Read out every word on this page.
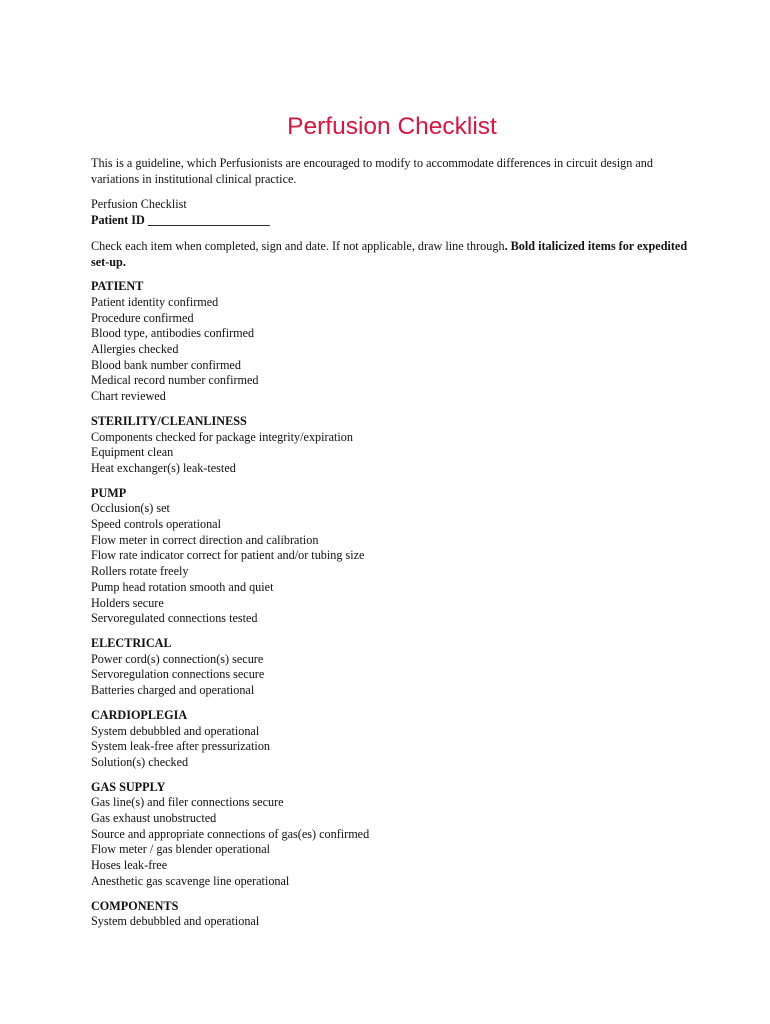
Perfusion Checklist

This is a guideline, which Perfusionists are encouraged to modify to accommodate differences in circuit design and variations in institutional clinical practice.

Perfusion Checklist

Patient ID ____________________

Check each item when completed, sign and date. If not applicable, draw line through. Bold italicized items for expedited set-up.

PATIENT

Patient identity confirmed

Procedure confirmed

Blood type, antibodies confirmed

Allergies checked

Blood bank number confirmed

Medical record number confirmed

Chart reviewed

STERILITY/CLEANLINESS

Components checked for package integrity/expiration

Equipment clean

Heat exchanger(s) leak-tested

PUMP

Occlusion(s) set

Speed controls operational

Flow meter in correct direction and calibration

Flow rate indicator correct for patient and/or tubing size

Rollers rotate freely

Pump head rotation smooth and quiet

Holders secure

Servoregulated connections tested

ELECTRICAL

Power cord(s) connection(s) secure

Servoregulation connections secure

Batteries charged and operational

CARDIOPLEGIA

System debubbled and operational

System leak-free after pressurization

Solution(s) checked

GAS SUPPLY

Gas line(s) and filer connections secure

Gas exhaust unobstructed

Source and appropriate connections of gas(es) confirmed

Flow meter / gas blender operational

Hoses leak-free

Anesthetic gas scavenge line operational

COMPONENTS

System debubbled and operational
